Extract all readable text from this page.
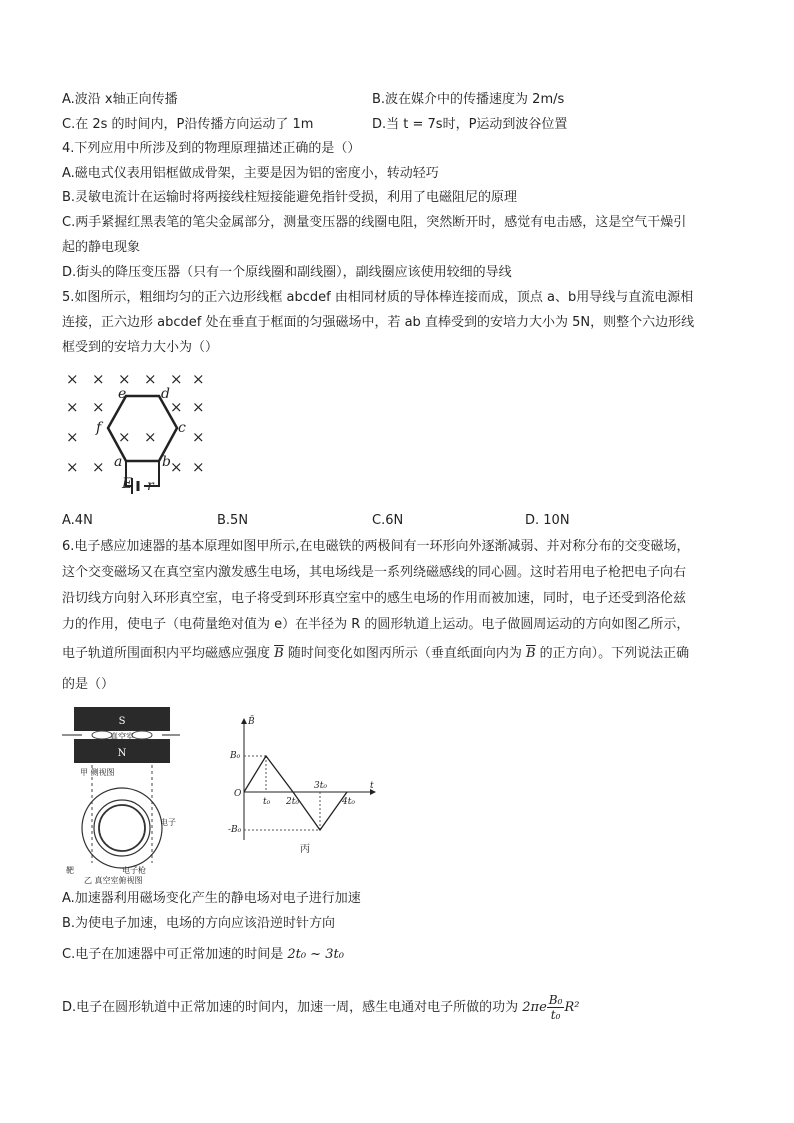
A.波沿 x轴正向传播	B.波在媒介中的传播速度为 2m/s
C.在 2s 的时间内，P沿传播方向运动了 1m	D.当 t = 7s时，P运动到波谷位置
4.下列应用中所涉及到的物理原理描述正确的是（）
A.磁电式仪表用铝框做成骨架，主要是因为铝的密度小，转动轻巧
B.灵敏电流计在运输时将两接线柱短接能避免指针受损，利用了电磁阻尼的原理
C.两手紧握红黑表笔的笔尖金属部分，测量变压器的线圈电阻，突然断开时，感觉有电击感，这是空气干燥引
起的静电现象
D.街头的降压变压器（只有一个原线圈和副线圈），副线圈应该使用较细的导线
5.如图所示，粗细均匀的正六边形线框 abcdef 由相同材质的导体棒连接而成，顶点 a、b用导线与直流电源相
连接，正六边形 abcdef 处在垂直于框面的匀强磁场中，若 ab 直棒受到的安培力大小为 5N，则整个六边形线
框受到的安培力大小为（）
× × × × × ×
× ×	× ×
×	× × ×
× ×	× ×
e d
c
f
a	b
E r
A.4N	B.5N	C.6N	D. 10N
6.电子感应加速器的基本原理如图甲所示,在电磁铁的两极间有一环形向外逐渐减弱、并对称分布的交变磁场，
这个交变磁场又在真空室内激发感生电场，其电场线是一系列绕磁感线的同心圆。这时若用电子枪把电子向右
沿切线方向射入环形真空室，电子将受到环形真空室中的感生电场的作用而被加速，同时，电子还受到洛伦兹
力的作用，使电子（电荷量绝对值为 e）在半径为 R 的圆形轨道上运动。电子做圆周运动的方向如图乙所示，
电子轨道所围面积内平均磁感应强度 $\overline{B}$ 随时间变化如图丙所示（垂直纸面向内为 $\overline{B}$ 的正方向）。下列说法正确
的是（）
S
N
真空室
甲 侧视图
电子
靶	电子枪
乙 真空室俯视图
O
t
B̄
B₀
-B₀
t₀ 2t₀
3t₀
4t₀
丙
A.加速器利用磁场变化产生的静电场对电子进行加速
B.为使电子加速，电场的方向应该沿逆时针方向
C.电子在加速器中可正常加速的时间是 2t₀ ~ 3t₀
D.电子在圆形轨道中正常加速的时间内，加速一周，感生电通对电子所做的功为 $2\pi e \frac{\text{B₀}}{\text{t₀}} R^2$
